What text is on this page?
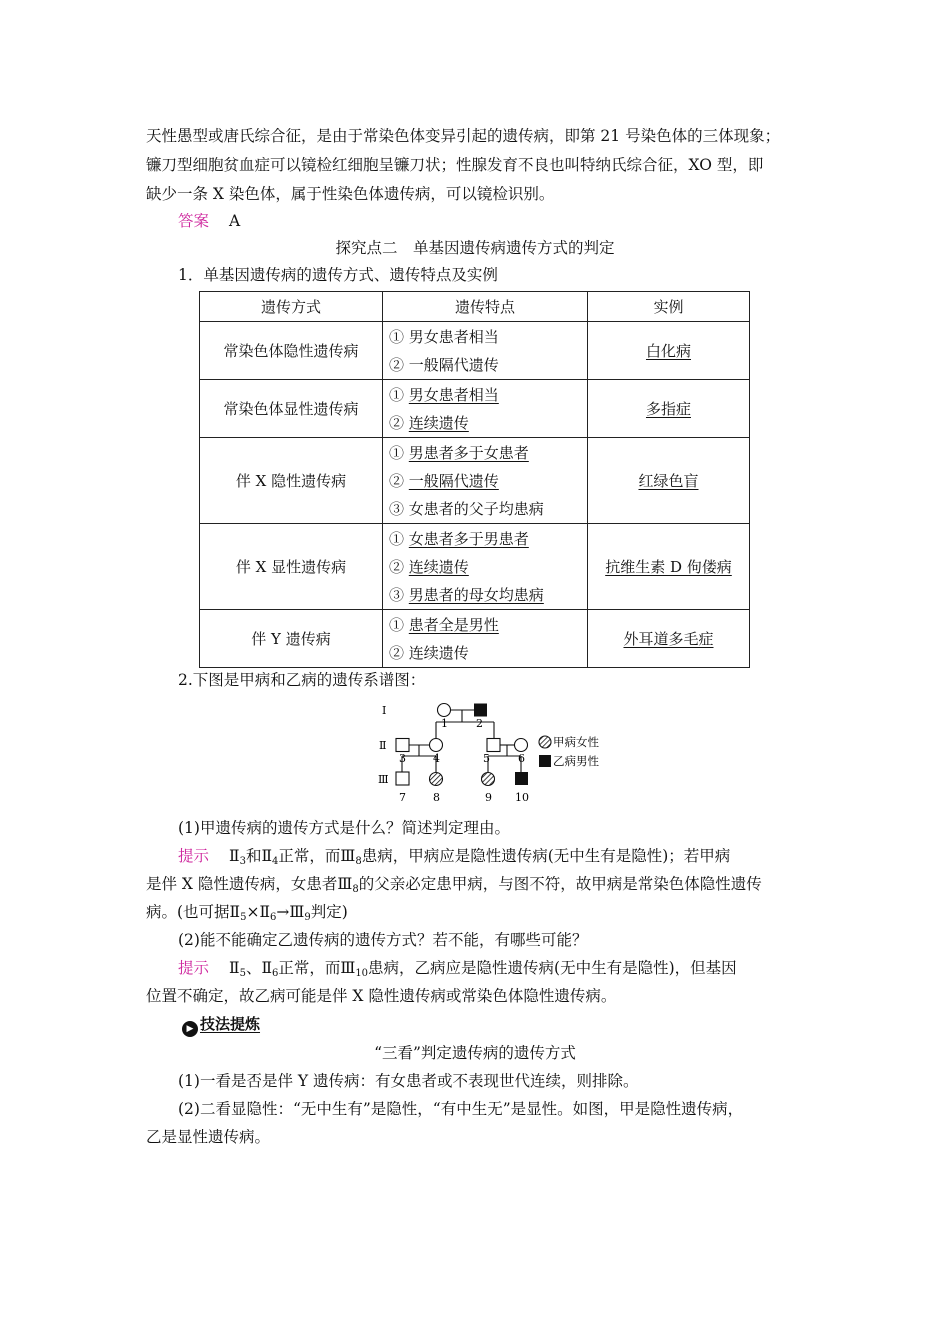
天性愚型或唐氏综合征，是由于常染色体变异引起的遗传病，即第 21 号染色体的三体现象；
镰刀型细胞贫血症可以镜检红细胞呈镰刀状；性腺发育不良也叫特纳氏综合征，XO 型，即
缺少一条 X 染色体，属于性染色体遗传病，可以镜检识别。
答案 A
探究点二　单基因遗传病遗传方式的判定
1．单基因遗传病的遗传方式、遗传特点及实例
遗传方式	遗传特点	实例
常染色体隐性遗传病	① 男女患者相当
② 一般隔代遗传	白化病
常染色体显性遗传病	① 男女患者相当
② 连续遗传	多指症
伴 X 隐性遗传病	① 男患者多于女患者
② 一般隔代遗传
③ 女患者的父子均患病	红绿色盲
伴 X 显性遗传病	① 女患者多于男患者
② 连续遗传
③ 男患者的母女均患病	抗维生素 D 佝偻病
伴 Y 遗传病	① 患者全是男性
② 连续遗传	外耳道多毛症
2.下图是甲病和乙病的遗传系谱图：
甲病女性
乙病男性
Ⅰ
Ⅱ
Ⅲ
1	2
3 4	5	6
7 8	9 10
(1)甲遗传病的遗传方式是什么？简述判定理由。
提示 $Ⅱ_3$和$Ⅱ_4$正常，而$Ⅲ_8$患病，甲病应是隐性遗传病(无中生有是隐性)；若甲病
是伴 X 隐性遗传病，女患者$Ⅲ_8$的父亲必定患甲病，与图不符，故甲病是常染色体隐性遗传
病。(也可据$Ⅱ_5\times Ⅱ_6\to Ⅲ_9$判定)
(2)能不能确定乙遗传病的遗传方式？若不能，有哪些可能？
提示 $Ⅱ_5$、$Ⅱ_6$正常，而$Ⅲ_{10}$患病，乙病应是隐性遗传病(无中生有是隐性)，但基因
位置不确定，故乙病可能是伴 X 隐性遗传病或常染色体隐性遗传病。
▶ 技法提炼
“三看”判定遗传病的遗传方式
(1)一看是否是伴 Y 遗传病：有女患者或不表现世代连续，则排除。
(2)二看显隐性：“无中生有”是隐性，“有中生无”是显性。如图，甲是隐性遗传病，
乙是显性遗传病。
